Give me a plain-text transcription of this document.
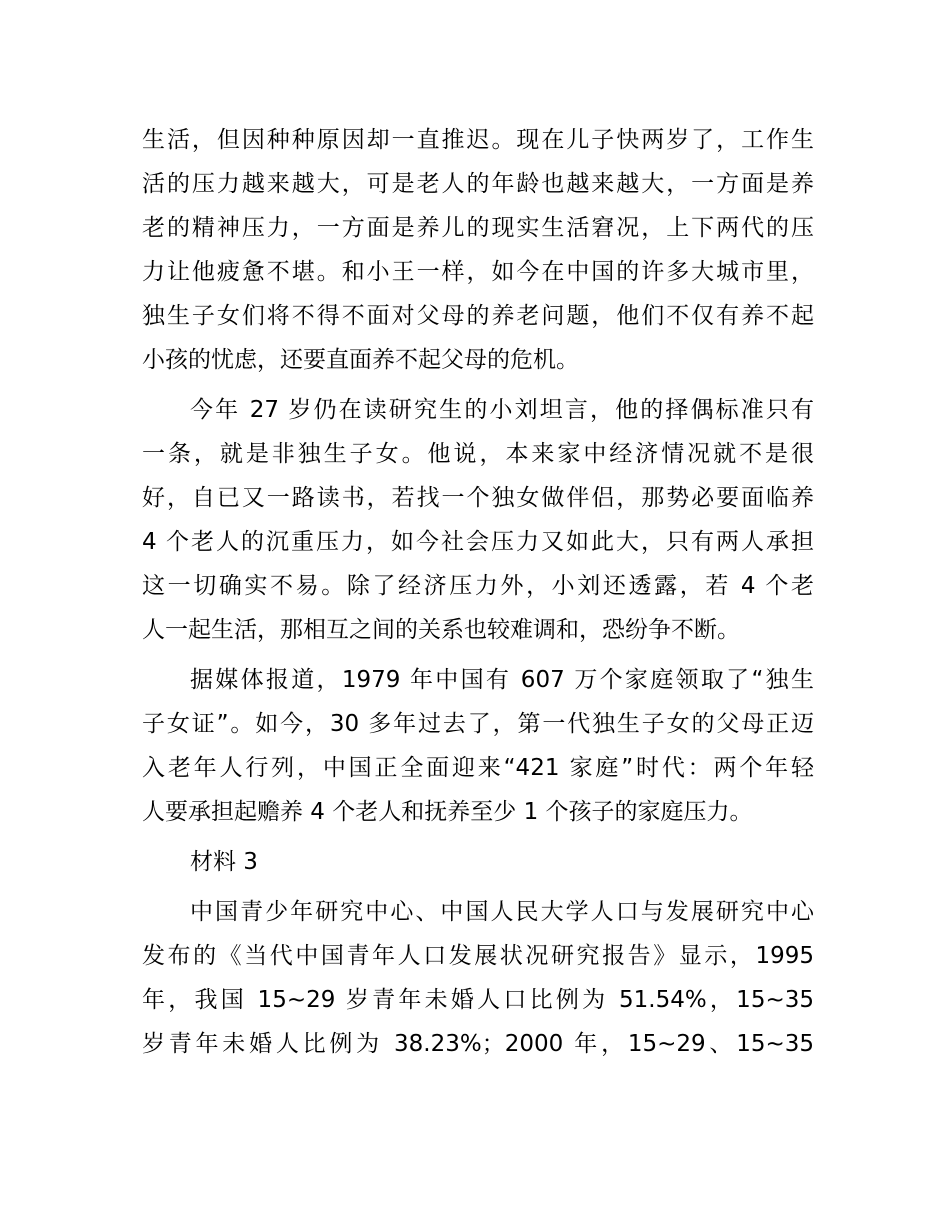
生活，但因种种原因却一直推迟。现在儿子快两岁了，工作生
活的压力越来越大，可是老人的年龄也越来越大，一方面是养
老的精神压力，一方面是养儿的现实生活窘况，上下两代的压
力让他疲惫不堪。和小王一样，如今在中国的许多大城市里，
独生子女们将不得不面对父母的养老问题，他们不仅有养不起
小孩的忧虑，还要直面养不起父母的危机。
今年 27 岁仍在读研究生的小刘坦言，他的择偶标准只有
一条，就是非独生子女。他说，本来家中经济情况就不是很
好，自已又一路读书，若找一个独女做伴侣，那势必要面临养
4 个老人的沉重压力，如今社会压力又如此大，只有两人承担
这一切确实不易。除了经济压力外，小刘还透露，若 4 个老
人一起生活，那相互之间的关系也较难调和，恐纷争不断。
据媒体报道，1979 年中国有 607 万个家庭领取了“独生
子女证”。如今，30 多年过去了，第一代独生子女的父母正迈
入老年人行列，中国正全面迎来“421 家庭”时代：两个年轻
人要承担起赡养 4 个老人和抚养至少 1 个孩子的家庭压力。
材料 3
中国青少年研究中心、中国人民大学人口与发展研究中心
发布的《当代中国青年人口发展状况研究报告》显示，1995
年，我国 15~29 岁青年未婚人口比例为 51.54%，15~35
岁青年未婚人比例为 38.23%；2000 年，15~29、15~35
